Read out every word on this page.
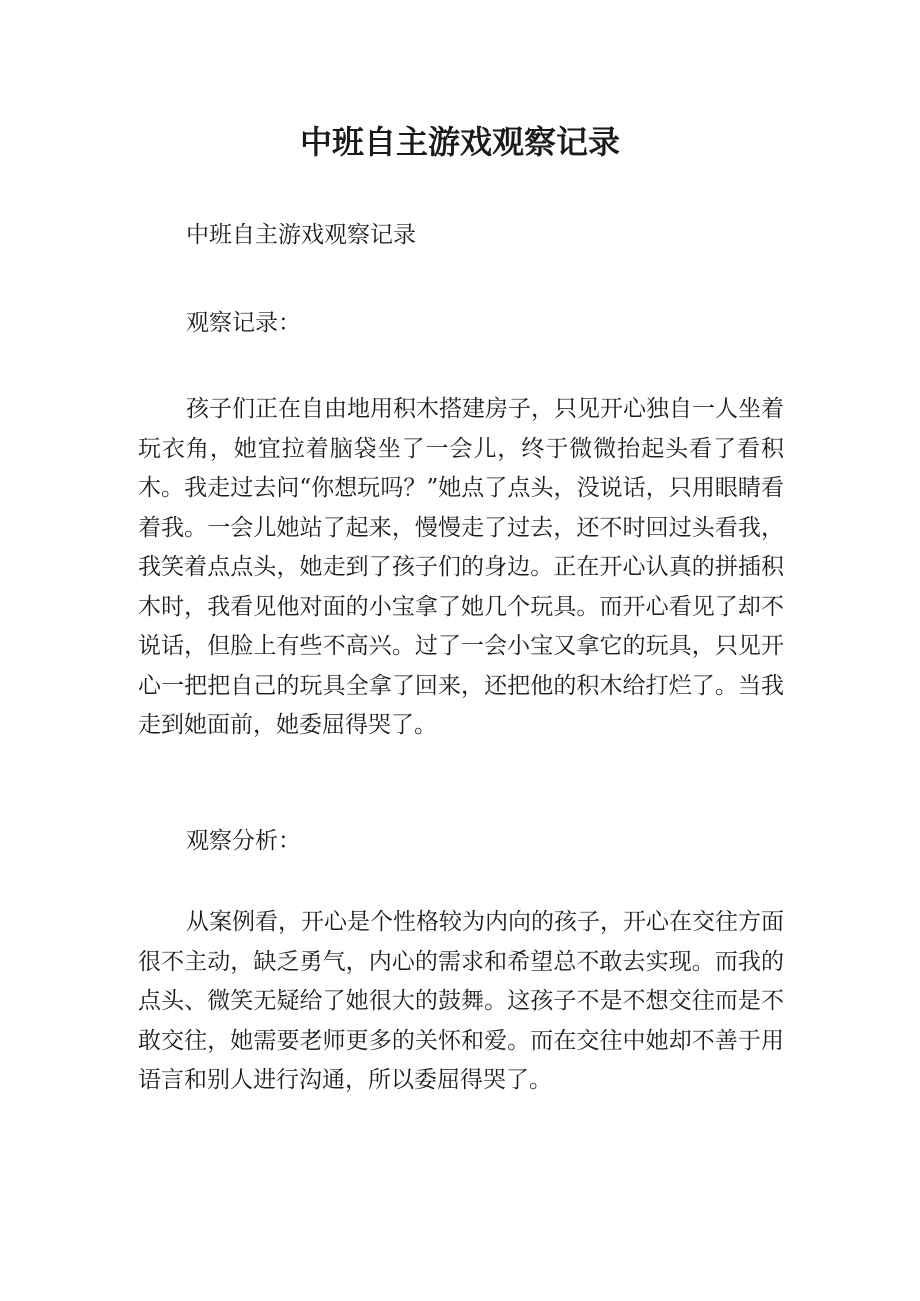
中班自主游戏观察记录

中班自主游戏观察记录

观察记录：

孩子们正在自由地用积木搭建房子，只见开心独自一人坐着玩衣角，她宜拉着脑袋坐了一会儿，终于微微抬起头看了看积木。我走过去问“你想玩吗？”她点了点头，没说话，只用眼睛看着我。一会儿她站了起来，慢慢走了过去，还不时回过头看我，我笑着点点头，她走到了孩子们的身边。正在开心认真的拼插积木时，我看见他对面的小宝拿了她几个玩具。而开心看见了却不说话，但脸上有些不高兴。过了一会小宝又拿它的玩具，只见开心一把把自己的玩具全拿了回来，还把他的积木给打烂了。当我走到她面前，她委屈得哭了。

观察分析：

从案例看，开心是个性格较为内向的孩子，开心在交往方面很不主动，缺乏勇气，内心的需求和希望总不敢去实现。而我的点头、微笑无疑给了她很大的鼓舞。这孩子不是不想交往而是不敢交往，她需要老师更多的关怀和爱。而在交往中她却不善于用语言和别人进行沟通，所以委屈得哭了。
